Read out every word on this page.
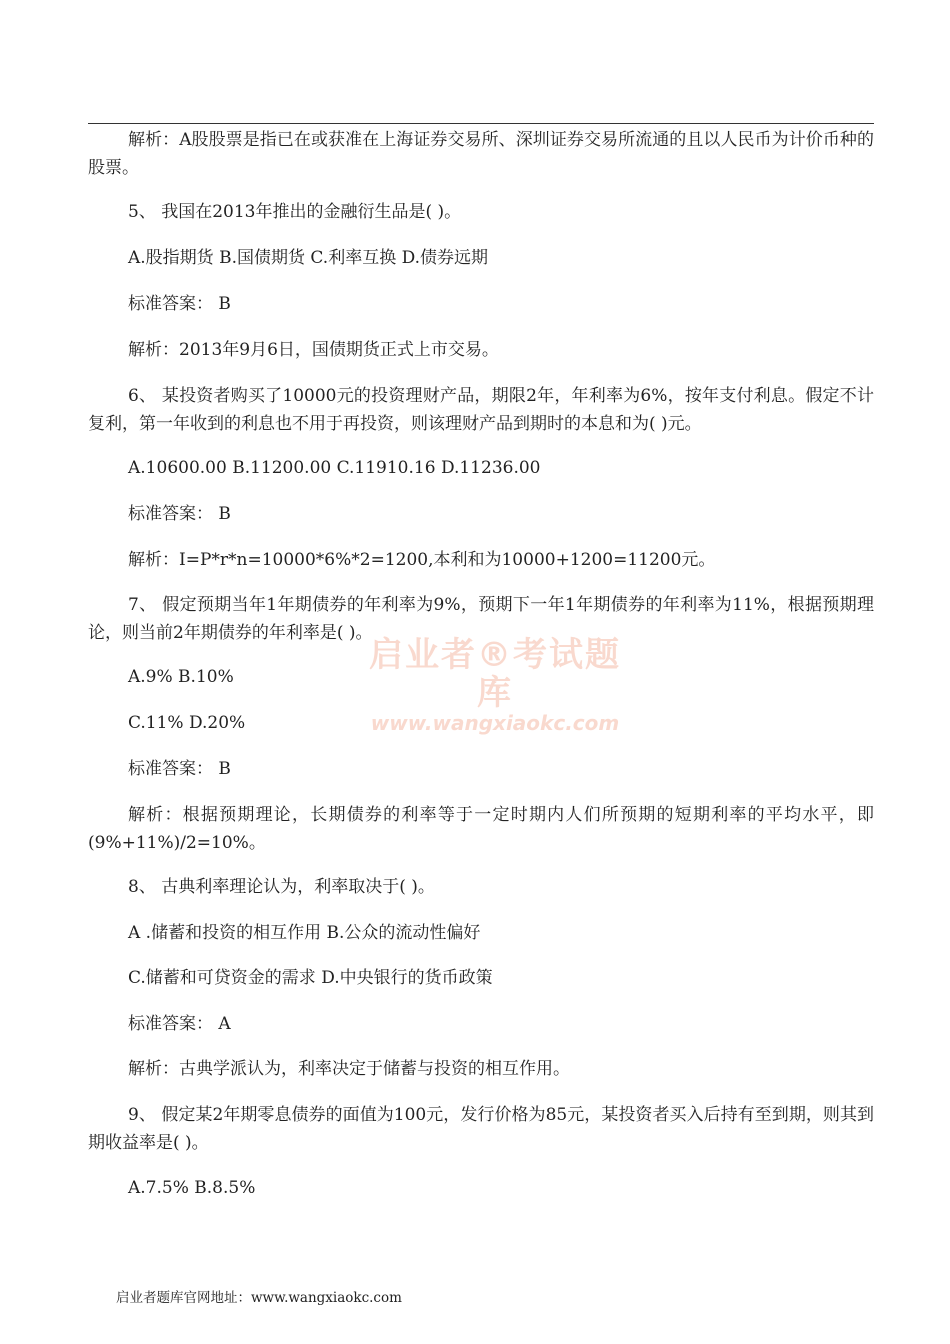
解析：A股股票是指已在或获准在上海证券交易所、深圳证券交易所流通的且以人民币为计价币种的股票。
5、 我国在2013年推出的金融衍生品是( )。
A.股指期货 B.国债期货 C.利率互换 D.债券远期
标准答案： B
解析：2013年9月6日，国债期货正式上市交易。
6、 某投资者购买了10000元的投资理财产品，期限2年，年利率为6%，按年支付利息。假定不计复利，第一年收到的利息也不用于再投资，则该理财产品到期时的本息和为( )元。
A.10600.00 B.11200.00 C.11910.16 D.11236.00
标准答案： B
解析：I=P*r*n=10000*6%*2=1200,本利和为10000+1200=11200元。
7、 假定预期当年1年期债券的年利率为9%，预期下一年1年期债券的年利率为11%，根据预期理论，则当前2年期债券的年利率是( )。
A.9% B.10%
C.11% D.20%
标准答案： B
解析：根据预期理论，长期债券的利率等于一定时期内人们所预期的短期利率的平均水平，即(9%+11%)/2=10%。
8、 古典利率理论认为，利率取决于( )。
A .储蓄和投资的相互作用 B.公众的流动性偏好
C.储蓄和可贷资金的需求 D.中央银行的货币政策
标准答案： A
解析：古典学派认为，利率决定于储蓄与投资的相互作用。
9、 假定某2年期零息债券的面值为100元，发行价格为85元，某投资者买入后持有至到期，则其到期收益率是( )。
A.7.5% B.8.5%
启业者®考试题库
www.wangxiaokc.com
启业者题库官网地址：www.wangxiaokc.com
